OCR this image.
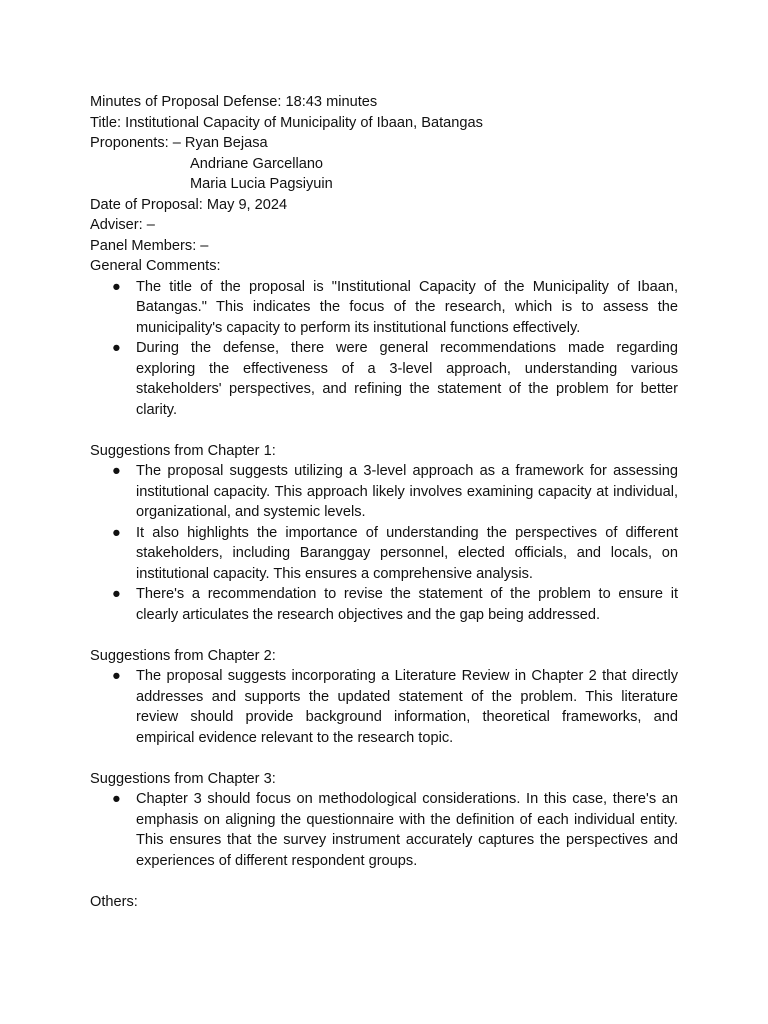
Minutes of Proposal Defense: 18:43 minutes
Title: Institutional Capacity of Municipality of Ibaan, Batangas
Proponents: – Ryan Bejasa
Andriane Garcellano
Maria Lucia Pagsiyuin
Date of Proposal: May 9, 2024
Adviser: –
Panel Members: –
General Comments:
● The title of the proposal is "Institutional Capacity of the Municipality of Ibaan, Batangas." This indicates the focus of the research, which is to assess the municipality's capacity to perform its institutional functions effectively.
● During the defense, there were general recommendations made regarding exploring the effectiveness of a 3-level approach, understanding various stakeholders' perspectives, and refining the statement of the problem for better clarity.
Suggestions from Chapter 1:
● The proposal suggests utilizing a 3-level approach as a framework for assessing institutional capacity. This approach likely involves examining capacity at individual, organizational, and systemic levels.
● It also highlights the importance of understanding the perspectives of different stakeholders, including Baranggay personnel, elected officials, and locals, on institutional capacity. This ensures a comprehensive analysis.
● There's a recommendation to revise the statement of the problem to ensure it clearly articulates the research objectives and the gap being addressed.
Suggestions from Chapter 2:
● The proposal suggests incorporating a Literature Review in Chapter 2 that directly addresses and supports the updated statement of the problem. This literature review should provide background information, theoretical frameworks, and empirical evidence relevant to the research topic.
Suggestions from Chapter 3:
● Chapter 3 should focus on methodological considerations. In this case, there's an emphasis on aligning the questionnaire with the definition of each individual entity. This ensures that the survey instrument accurately captures the perspectives and experiences of different respondent groups.
Others:
